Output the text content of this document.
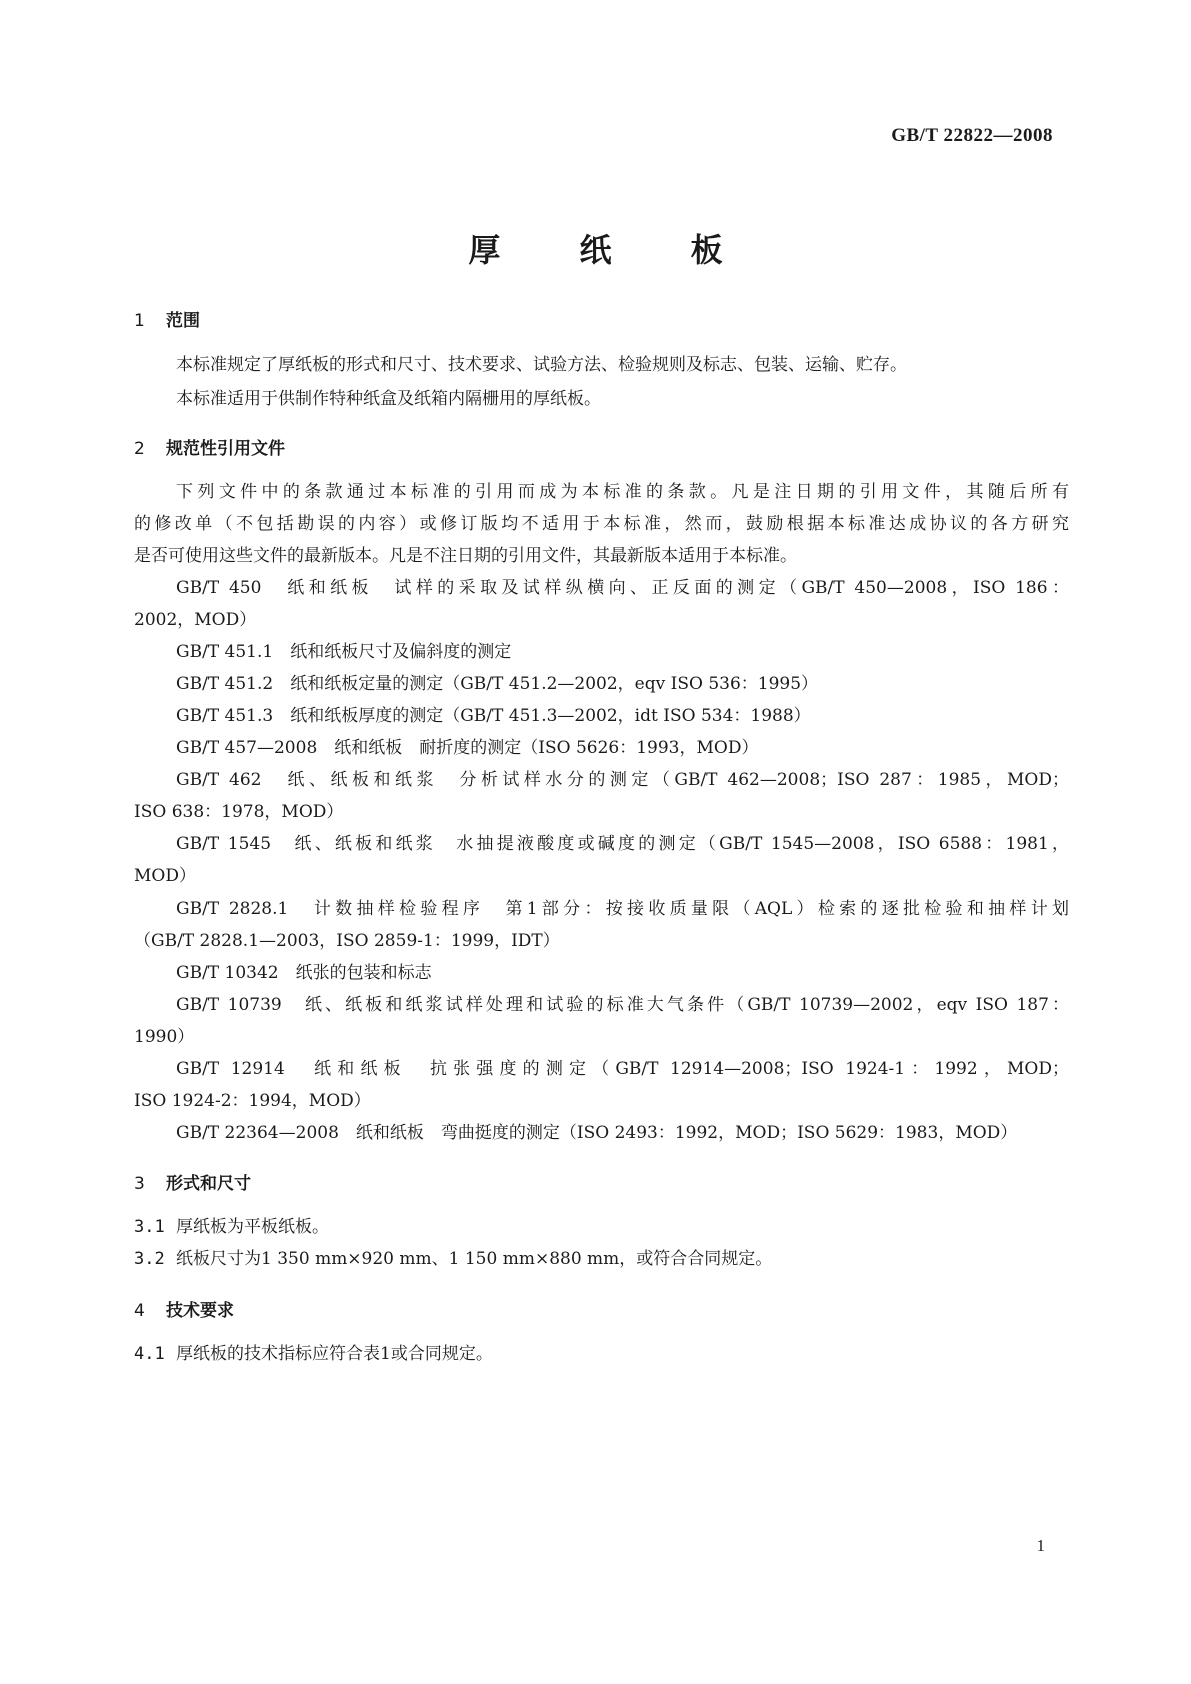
GB/T 22822—2008
厚 纸 板
1 范围
本标准规定了厚纸板的形式和尺寸、技术要求、试验方法、检验规则及标志、包装、运输、贮存。
本标准适用于供制作特种纸盒及纸箱内隔栅用的厚纸板。
2 规范性引用文件
下列文件中的条款通过本标准的引用而成为本标准的条款。凡是注日期的引用文件，其随后所有
的修改单（不包括勘误的内容）或修订版均不适用于本标准，然而，鼓励根据本标准达成协议的各方研究
是否可使用这些文件的最新版本。凡是不注日期的引用文件，其最新版本适用于本标准。
GB/T 450　纸和纸板　试样的采取及试样纵横向、正反面的测定（GB/T 450—2008，ISO 186：
2002，MOD）
GB/T 451.1　纸和纸板尺寸及偏斜度的测定
GB/T 451.2　纸和纸板定量的测定（GB/T 451.2—2002，eqv ISO 536：1995）
GB/T 451.3　纸和纸板厚度的测定（GB/T 451.3—2002，idt ISO 534：1988）
GB/T 457—2008　纸和纸板　耐折度的测定（ISO 5626：1993，MOD）
GB/T 462　纸、纸板和纸浆　分析试样水分的测定（GB/T 462—2008；ISO 287：1985，MOD；
ISO 638：1978，MOD）
GB/T 1545　纸、纸板和纸浆　水抽提液酸度或碱度的测定（GB/T 1545—2008，ISO 6588：1981，
MOD）
GB/T 2828.1　计数抽样检验程序　第1部分：按接收质量限（AQL）检索的逐批检验和抽样计划
（GB/T 2828.1—2003，ISO 2859-1：1999，IDT）
GB/T 10342　纸张的包装和标志
GB/T 10739　纸、纸板和纸浆试样处理和试验的标准大气条件（GB/T 10739—2002，eqv ISO 187：
1990）
GB/T 12914　纸和纸板　抗张强度的测定（GB/T 12914—2008；ISO 1924-1：1992，MOD；
ISO 1924-2：1994，MOD）
GB/T 22364—2008　纸和纸板　弯曲挺度的测定（ISO 2493：1992，MOD；ISO 5629：1983，MOD）
3 形式和尺寸
3.1 厚纸板为平板纸板。
3.2 纸板尺寸为1 350 mm×920 mm、1 150 mm×880 mm，或符合合同规定。
4 技术要求
4.1 厚纸板的技术指标应符合表1或合同规定。
1
